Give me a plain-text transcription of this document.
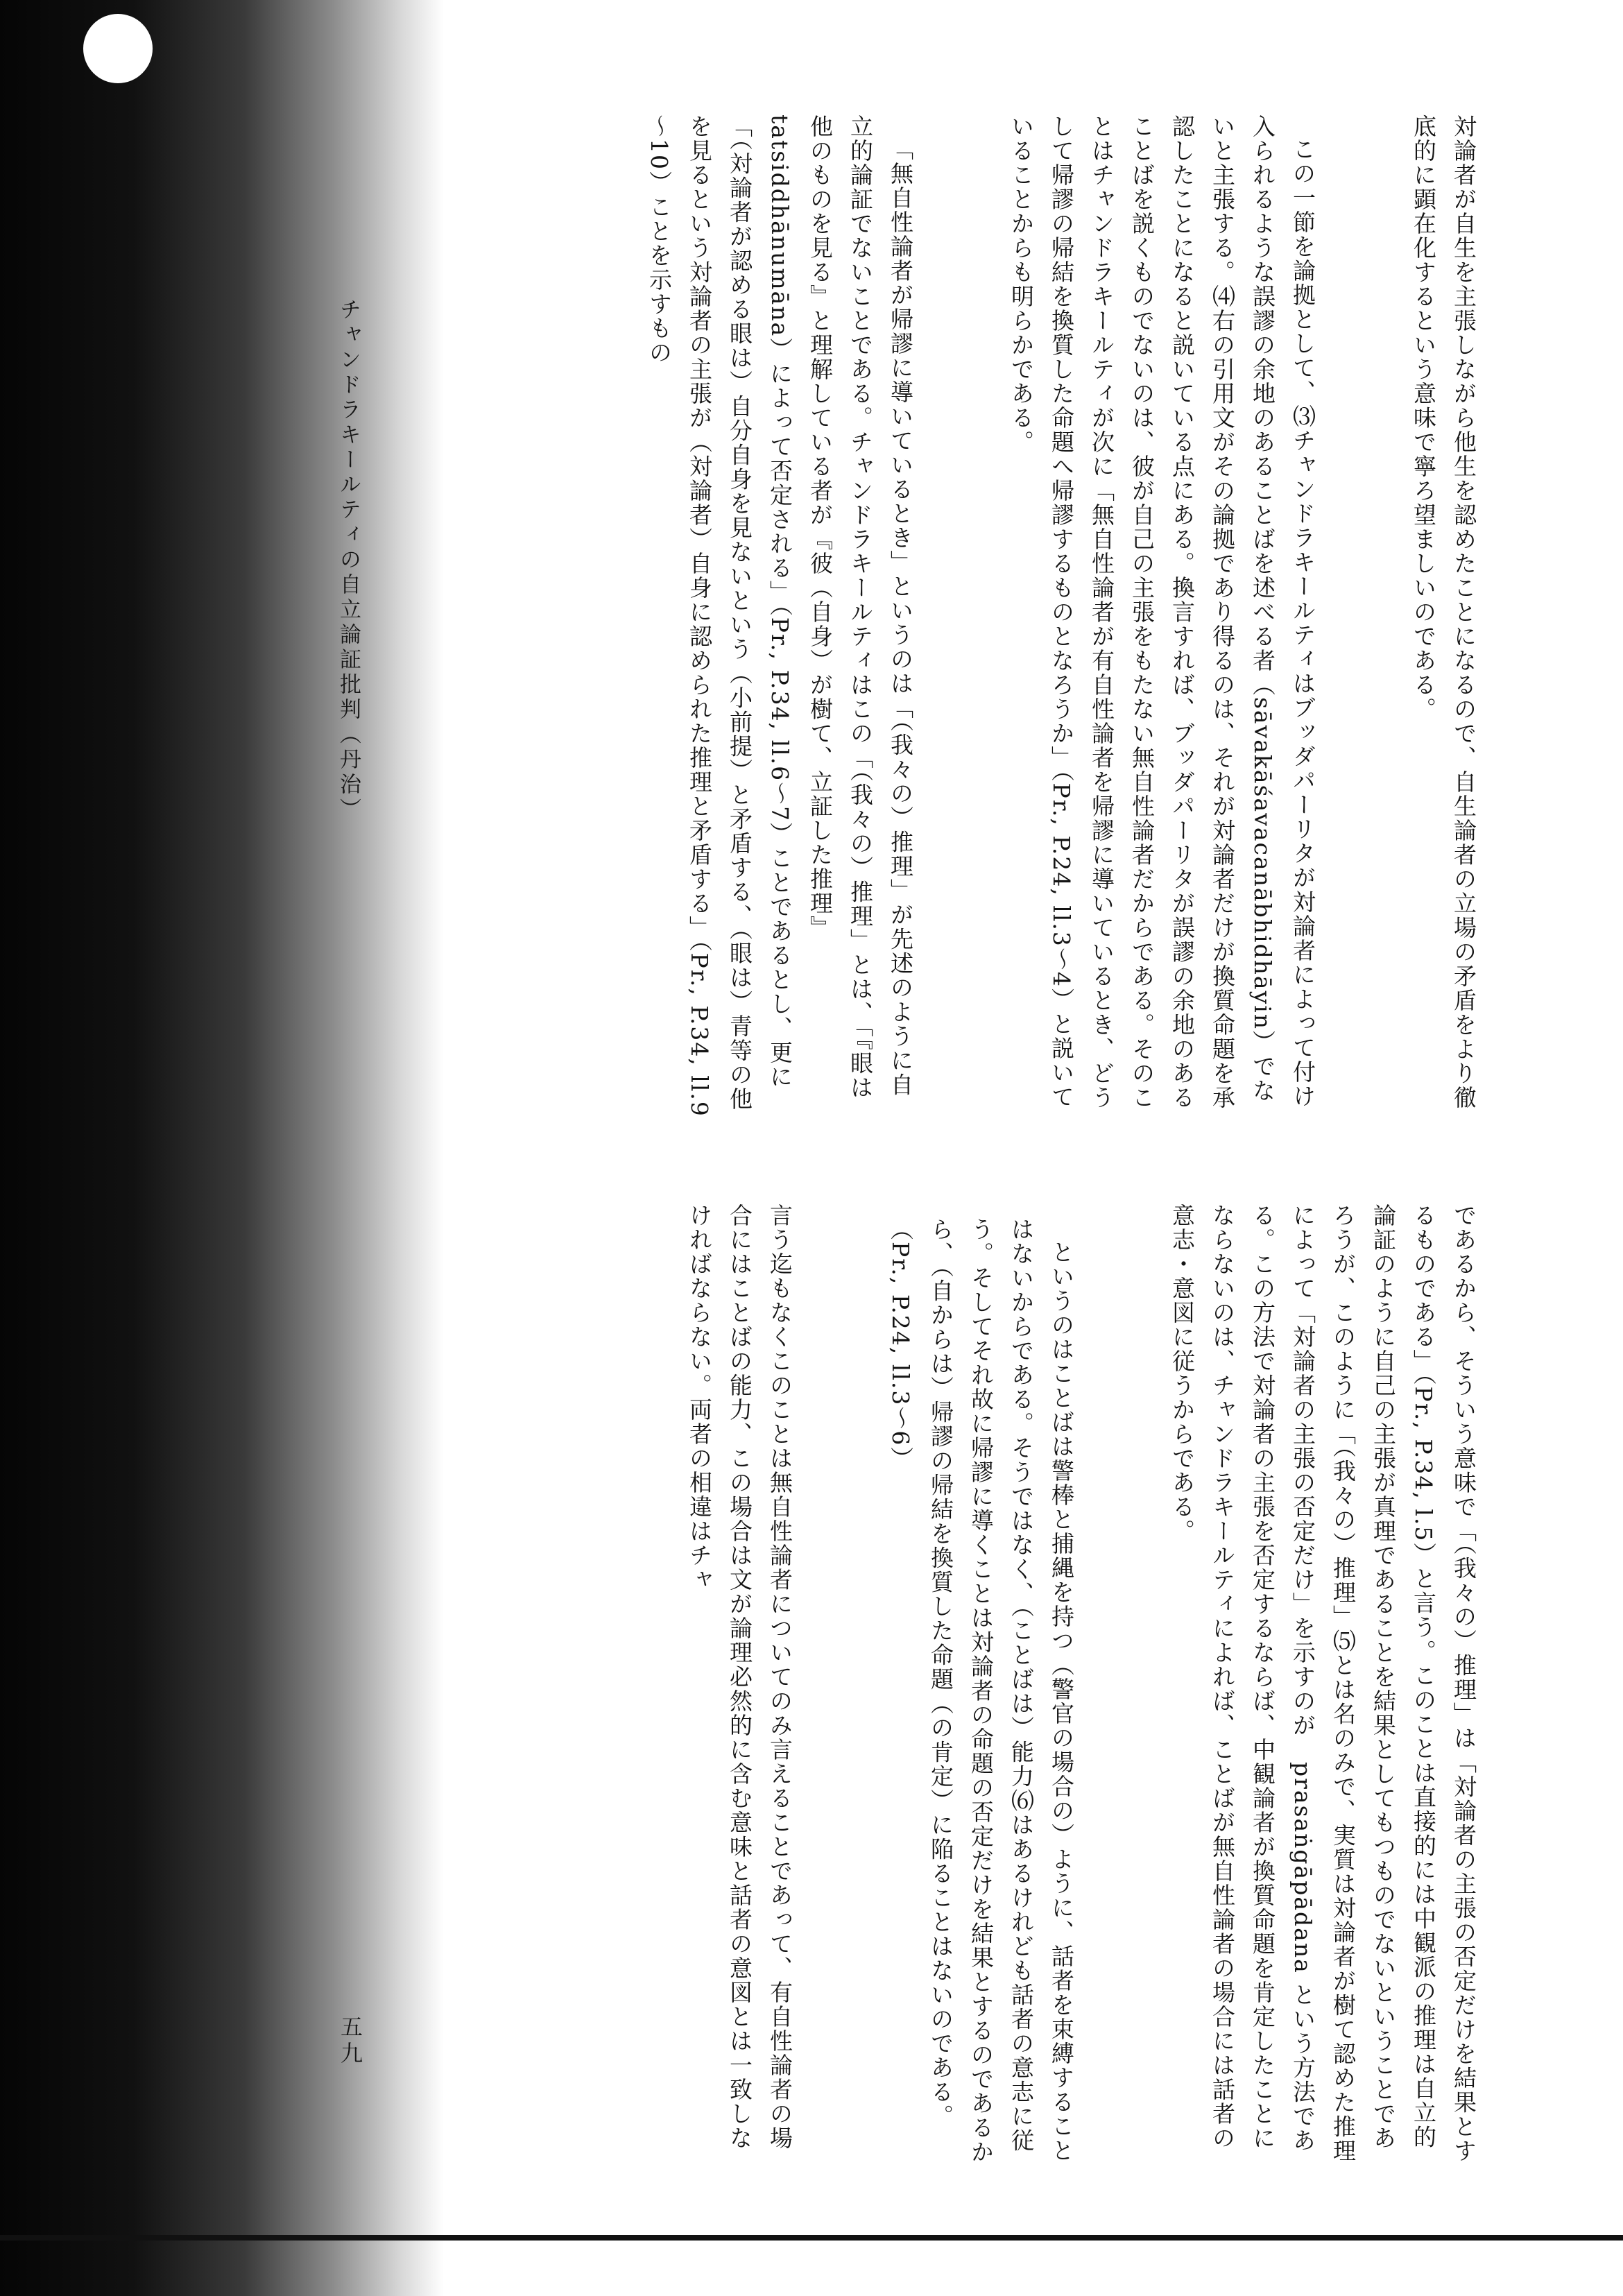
対論者が自生を主張しながら他生を認めたことになるので、自生論者の立場の矛盾をより徹底的に顕在化するという意味で寧ろ望ましいのである。

この一節を論拠として、⑶チャンドラキールティはブッダパーリタが対論者によって付け入られるような誤謬の余地のあることばを述べる者（sāvakāśavacanābhidhāyin）でないと主張する。⑷右の引用文がその論拠であり得るのは、それが対論者だけが換質命題を承認したことになると説いている点にある。換言すれば、ブッダパーリタが誤謬の余地のあることばを説くものでないのは、彼が自己の主張をもたない無自性論者だからである。そのことはチャンドラキールティが次に「無自性論者が有自性論者を帰謬に導いているとき、どうして帰謬の帰結を換質した命題へ帰謬するものとなろうか」（Pr., P.24, ll.3～4）と説いていることからも明らかである。

「無自性論者が帰謬に導いているとき」というのは「（我々の）推理」が先述のように自立的論証でないことである。チャンドラキールティはこの「（我々の）推理」とは、「『眼は他のものを見る』と理解している者が『彼（自身）が樹て、立証した推理』tatsiddhānumāna）によって否定される」（Pr., P.34, ll.6～7）ことであるとし、更に「（対論者が認める眼は）自分自身を見ないという（小前提）と矛盾する、（眼は）青等の他を見るという対論者の主張が（対論者）自身に認められた推理と矛盾する」（Pr., P.34, ll.9～10）ことを示すもの

であるから、そういう意味で「（我々の）推理」は「対論者の主張の否定だけを結果とするものである」（Pr., P.34, l.5）と言う。このことは直接的には中観派の推理は自立的論証のように自己の主張が真理であることを結果としてもつものでないということであろうが、このように「（我々の）推理」⑸とは名のみで、実質は対論者が樹て認めた推理によって「対論者の主張の否定だけ」を示すのが　prasaṅgāpādana という方法である。この方法で対論者の主張を否定するならば、中観論者が換質命題を肯定したことにならないのは、チャンドラキールティによれば、ことばが無自性論者の場合には話者の意志・意図に従うからである。

というのはことばは警棒と捕縄を持つ（警官の場合の）ように、話者を束縛することはないからである。そうではなく、（ことばは）能力⑹はあるけれども話者の意志に従う。そしてそれ故に帰謬に導くことは対論者の命題の否定だけを結果とするのであるから、（自からは）帰謬の帰結を換質した命題（の肯定）に陥ることはないのである。（Pr., P.24, ll.3～6）

言う迄もなくこのことは無自性論者についてのみ言えることであって、有自性論者の場合にはことばの能力、この場合は文が論理必然的に含む意味と話者の意図とは一致しなければならない。両者の相違はチャ

チャンドラキールティの自立論証批判（丹治）
五九
